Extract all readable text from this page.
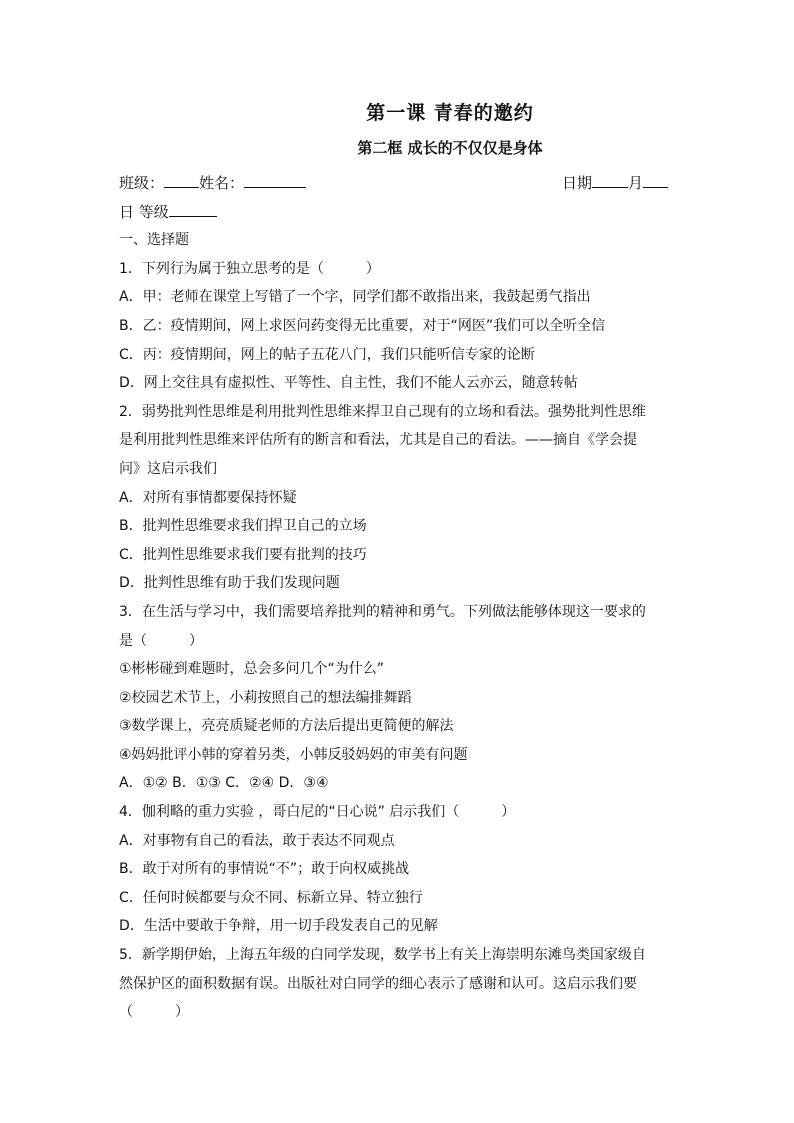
第一课 青春的邀约
第二框 成长的不仅仅是身体
班级： 姓名：	日期 月
日 等级
一、选择题
1．下列行为属于独立思考的是（　　　）
A．甲：老师在课堂上写错了一个字，同学们都不敢指出来，我鼓起勇气指出
B．乙：疫情期间，网上求医问药变得无比重要，对于“网医”我们可以全听全信
C．丙：疫情期间，网上的帖子五花八门，我们只能听信专家的论断
D．网上交往具有虚拟性、平等性、自主性，我们不能人云亦云，随意转帖
2．弱势批判性思维是利用批判性思维来捍卫自己现有的立场和看法。强势批判性思维
是利用批判性思维来评估所有的断言和看法，尤其是自己的看法。——摘自《学会提
问》这启示我们
A．对所有事情都要保持怀疑
B．批判性思维要求我们捍卫自己的立场
C．批判性思维要求我们要有批判的技巧
D．批判性思维有助于我们发现问题
3．在生活与学习中，我们需要培养批判的精神和勇气。下列做法能够体现这一要求的
是（　　　）
①彬彬碰到难题时，总会多问几个“为什么”
②校园艺术节上，小莉按照自己的想法编排舞蹈
③数学课上，亮亮质疑老师的方法后提出更简便的解法
④妈妈批评小韩的穿着另类，小韩反驳妈妈的审美有问题
A．①② B．①③ C．②④ D．③④
4．伽利略的重力实验 ，哥白尼的“日心说” 启示我们（　　　）
A．对事物有自己的看法，敢于表达不同观点
B．敢于对所有的事情说“不”；敢于向权威挑战
C．任何时候都要与众不同、标新立异、特立独行
D．生活中要敢于争辩，用一切手段发表自己的见解
5．新学期伊始，上海五年级的白同学发现，数学书上有关上海崇明东滩鸟类国家级自
然保护区的面积数据有误。出版社对白同学的细心表示了感谢和认可。这启示我们要
（　　　）
